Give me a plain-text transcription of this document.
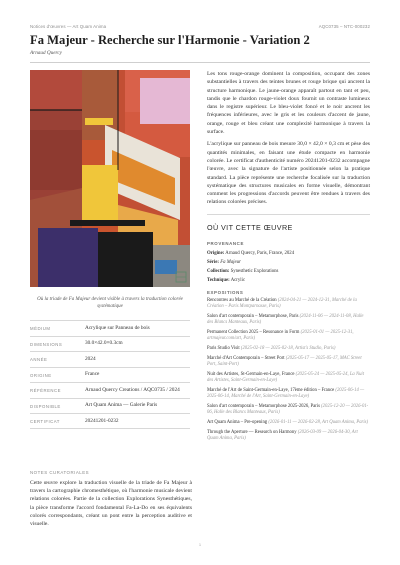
Notices d'œuvres — Art Quam Anima	AQC0735 – NTC-000232
Fa Majeur - Recherche sur l'Harmonie - Variation 2
Arnaud Quercy
Où la triade de Fa Majeur devient visible à travers la traduction colorée systématique
MÉDIUM	Acrylique sur Panneau de bois
DIMENSIONS	30.0×42.0×0.3cm
ANNÉE	2024
ORIGINE	France
RÉFÉRENCE	Arnaud Quercy Creations / AQC0735 / 2024
DISPONIBLE	Art Quam Anima — Galerie Paris
CERTIFICAT	20241201-0232
NOTES CURATORIALES

Cette œuvre explore la traduction visuelle de la triade de Fa Majeur à travers la cartographie chromesthétique, où l'harmonie musicale devient relations colorées. Partie de la collection Explorations Synesthétiques, la pièce transforme l'accord fondamental Fa-La-Do en ses équivalents colorés correspondants, créant un pont entre la perception auditive et visuelle.

Les tons rouge-orange dominent la composition, occupant des zones substantielles à travers des teintes brunes et rouge brique qui ancrent la structure harmonique. Le jaune-orange apparaît partout en tant et peu, tandis que le chardon rouge-violet doux fournit un contraste lumineux dans le registre supérieur. Le bleu-violet foncé et le noir ancrent les fréquences inférieures, avec le gris et les couleurs d'accent de jaune, orange, rouge et bleu créant une complexité harmonique à travers la surface.

L'acrylique sur panneau de bois mesure 30,0 × 42,0 × 0,3 cm et pèse des quantités minimales, en faisant une étude compacte en harmonie colorée. Le certificat d'authenticité numéro 20241201-0232 accompagne l'œuvre, avec la signature de l'artiste positionnée selon la pratique standard. La pièce représente une recherche focalisée sur la traduction systématique des structures musicales en forme visuelle, démontrant comment les progressions d'accords peuvent être rendues à travers des relations colorées précises.

OÙ VIT CETTE ŒUVRE
PROVENANCE
Origine: Arnaud Quercy, Paris, France, 2024
Série: Fa Majeur
Collection: Synesthetic Explorations
Technique: Acrylic
EXPOSITIONS
Rencontres au Marché de la Création (2024-04-21 — 2024-12-31, Marché de la Création – Paris Montparnasse, Paris)
Salon d'art contemporain – Metamorphose, Paris (2024-11-06 — 2024-11-08, Halle des Blancs Manteaux, Paris)
Permanent Collection 2025 – Resonance in Form (2025-01-01 — 2025-12-31, artmajeur.com/art, Paris)
Paris Studio Visit (2025-02-18 — 2025-02-18, Artist's Studio, Paris)
Marché d'Art Contemporain – Street Port (2025-05-17 — 2025-05-17, MAC Street Port, Saint-Port)
Nuit des Artistes, St-Germain-en-Laye, France (2025-05-24 — 2025-05-24, La Nuit des Artistes, Saint-Germain-en-Laye)
Marché de l'Art de Saint-Germain-en-Laye, 17ème édition – France (2025-06-14 — 2025-06-14, Marché de l'Art, Saint-Germain-en-Laye)
Salon d'art contemporain – Metamorphose 2025-2026, Paris (2025-12-20 — 2026-01-06, Halle des Blancs Manteaux, Paris)
Art Quam Anima – Pre-opening (2026-01-11 — 2026-02-28, Art Quam Anima, Paris)
Through the Aperture — Research on Harmony (2026-03-09 — 2026-04-30, Art Quam Anima, Paris)
1
